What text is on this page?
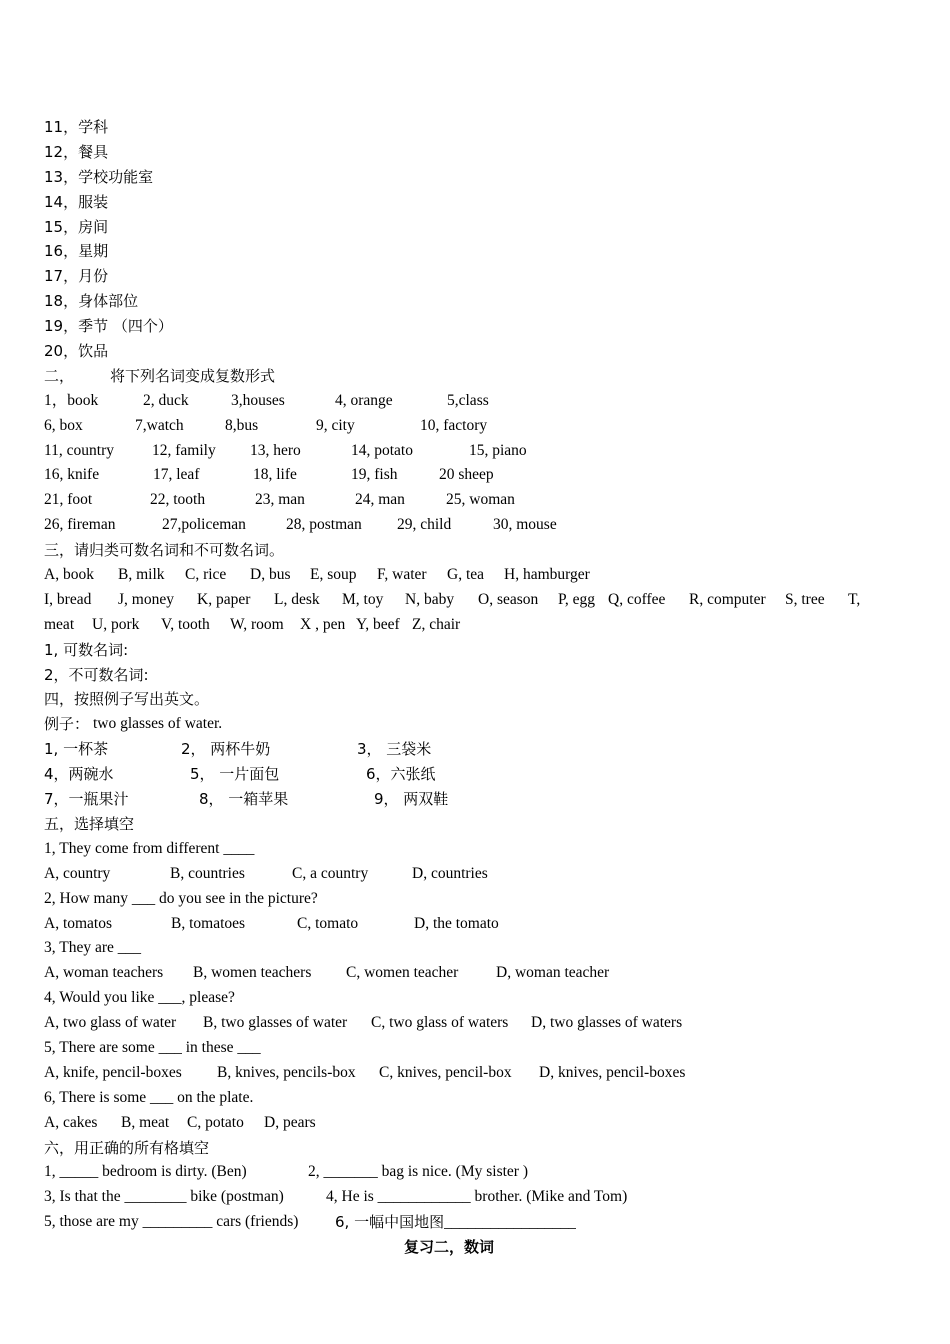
11，学科
12，餐具
13，学校功能室
14，服装
15，房间
16，星期
17，月份
18，身体部位
19，季节 （四个）
20，饮品
二， 将下列名词变成复数形式
1，book	2, duck	3,houses	4, orange	5,class
6, box	7,watch	8,bus	9, city	10, factory
11, country 12, family 13, hero	14, potato	15, piano
16, knife	17, leaf	18, life	19, fish	20 sheep
21, foot	22, tooth	23, man	24, man	25, woman
26, fireman	27,policeman	28, postman 29, child	30, mouse
三，请归类可数名词和不可数名词。
A, book B, milk C, rice D, bus E, soup F, water G, tea H, hamburger
I, bread J, money K, paper L, desk M, toy N, baby O, season P, egg Q, coffee R, computer S, tree T,
meat U, pork V, tooth W, room X , pen Y, beef Z, chair
1, 可数名词:
2，不可数名词:
四，按照例子写出英文。
例子： two glasses of water.
1, 一杯茶	2， 两杯牛奶	3， 三袋米
4，两碗水	5， 一片面包	6，六张纸
7，一瓶果汁	8， 一箱苹果	9， 两双鞋
五，选择填空
1, They come from different ____
A, country	B, countries	C, a country	D, countries
2, How many ___ do you see in the picture?
A, tomatos	B, tomatoes	C, tomato	D, the tomato
3, They are ___
A, woman teachers B, women teachers C, women teacher D, woman teacher
4, Would you like ___, please?
A, two glass of water B, two glasses of water C, two glass of waters D, two glasses of waters
5, There are some ___ in these ___
A, knife, pencil-boxes B, knives, pencils-box C, knives, pencil-box D, knives, pencil-boxes
6, There is some ___ on the plate.
A, cakes B, meat C, potato D, pears
六，用正确的所有格填空
1, _____ bedroom is dirty. (Ben)	2, _______ bag is nice. (My sister )
3, Is that the ________ bike (postman)	4, He is ____________ brother. (Mike and Tom)
5, those are my _________ cars (friends) 6, 一幅中国地图_________________
复习二，数词
